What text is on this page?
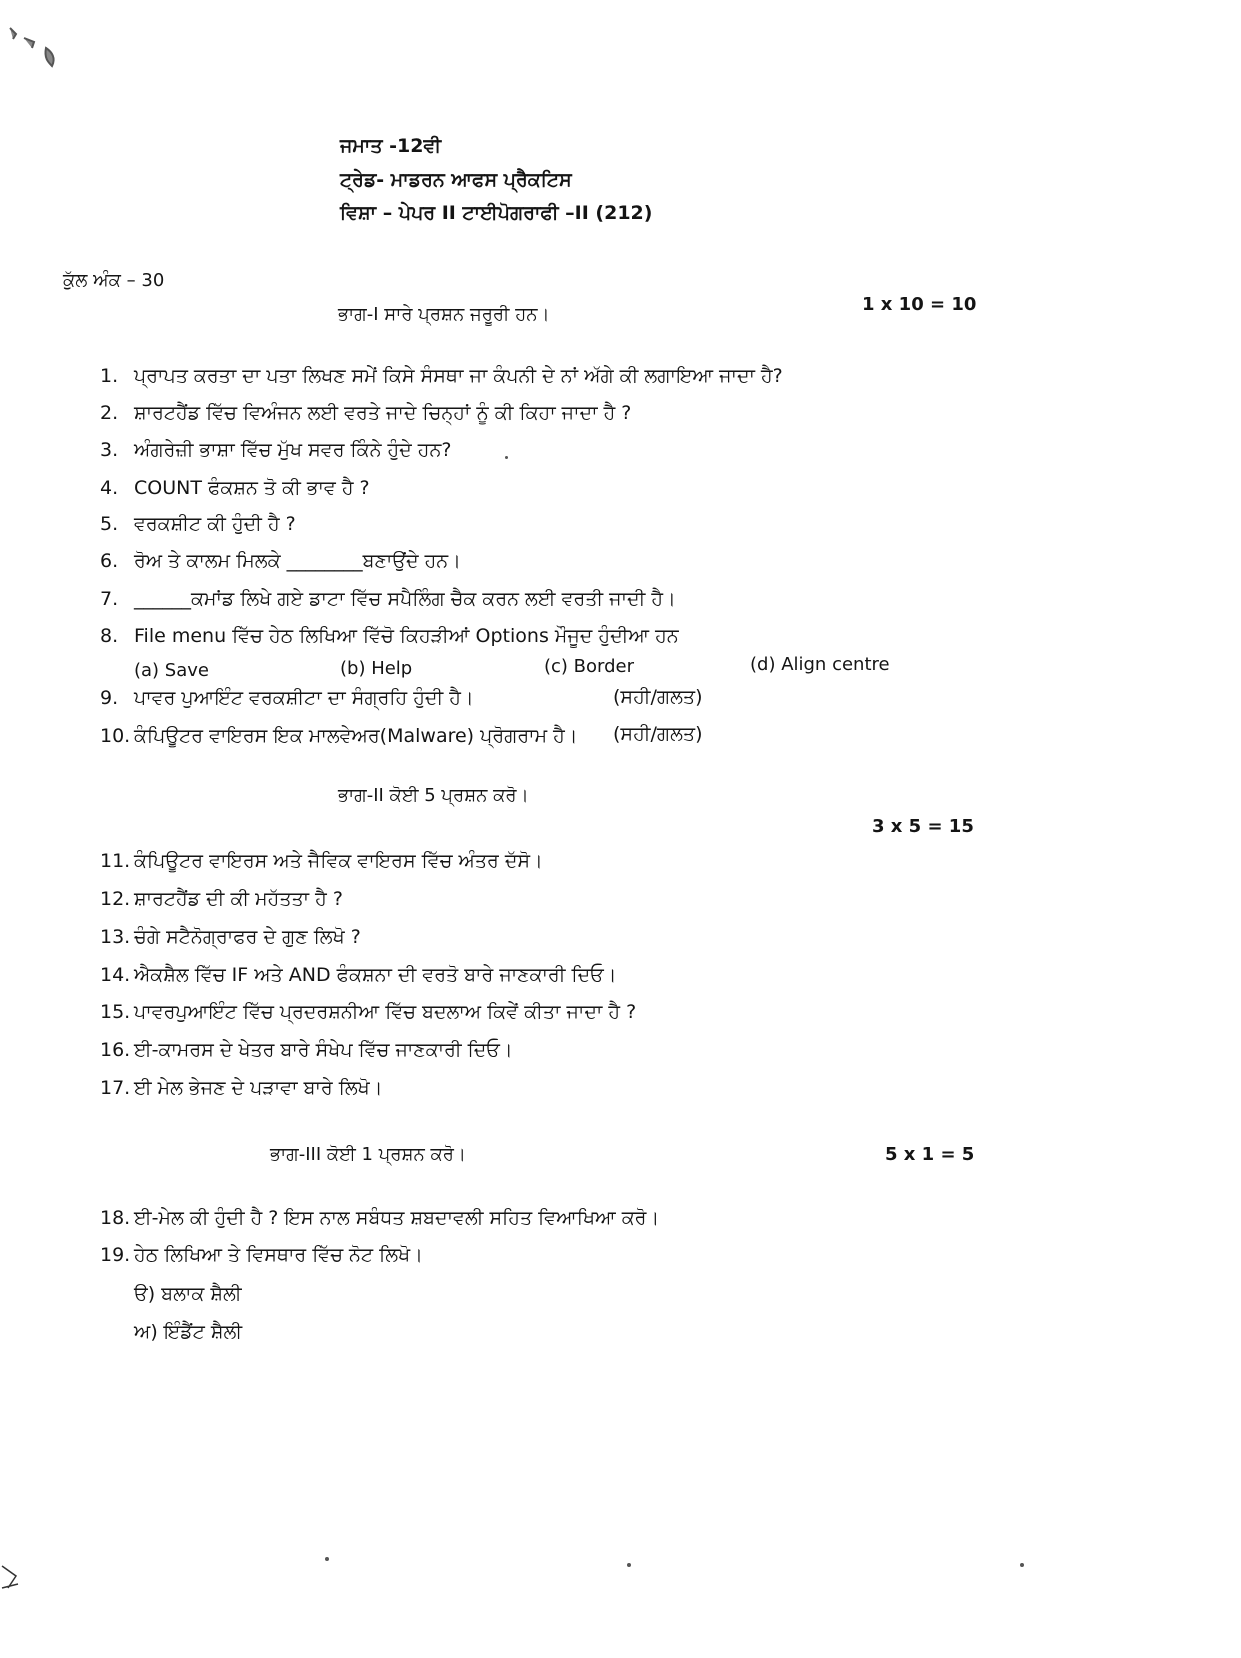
ਜਮਾਤ -12ਵੀ
ਟ੍ਰੇਡ- ਮਾਡਰਨ ਆਫਸ ਪ੍ਰੈਕਟਿਸ
ਵਿਸ਼ਾ – ਪੇਪਰ II ਟਾਈਪੋਗਰਾਫੀ –II (212)
ਕੁੱਲ ਅੰਕ – 30
ਭਾਗ-I ਸਾਰੇ ਪ੍ਰਸ਼ਨ ਜਰੂਰੀ ਹਨ।	1 x 10 = 10
1. ਪ੍ਰਾਪਤ ਕਰਤਾ ਦਾ ਪਤਾ ਲਿਖਣ ਸਮੇਂ ਕਿਸੇ ਸੰਸਥਾ ਜਾ ਕੰਪਨੀ ਦੇ ਨਾਂ ਅੱਗੇ ਕੀ ਲਗਾਇਆ ਜਾਦਾ ਹੈ?
2. ਸ਼ਾਰਟਹੈਂਡ ਵਿੱਚ ਵਿਅੰਜਨ ਲਈ ਵਰਤੇ ਜਾਦੇ ਚਿਨ੍ਹਾਂ ਨੂੰ ਕੀ ਕਿਹਾ ਜਾਦਾ ਹੈ ?
3. ਅੰਗਰੇਜ਼ੀ ਭਾਸ਼ਾ ਵਿੱਚ ਮੁੱਖ ਸਵਰ ਕਿੰਨੇ ਹੁੰਦੇ ਹਨ?
4. COUNT ਫੰਕਸ਼ਨ ਤੋ ਕੀ ਭਾਵ ਹੈ ?
5. ਵਰਕਸ਼ੀਟ ਕੀ ਹੁੰਦੀ ਹੈ ?
6. ਰੋਅ ਤੇ ਕਾਲਮ ਮਿਲਕੇ ________ਬਣਾਉਂਦੇ ਹਨ।
7. ______ਕਮਾਂਡ ਲਿਖੇ ਗਏ ਡਾਟਾ ਵਿੱਚ ਸਪੈਲਿੰਗ ਚੈਕ ਕਰਨ ਲਈ ਵਰਤੀ ਜਾਦੀ ਹੈ।
8. File menu ਵਿੱਚ ਹੇਠ ਲਿਖਿਆ ਵਿੱਚੋ ਕਿਹੜੀਆਂ Options ਮੌਜੂਦ ਹੁੰਦੀਆ ਹਨ
(a) Save	(b) Help	(c) Border	(d) Align centre
9. ਪਾਵਰ ਪੁਆਇੰਟ ਵਰਕਸ਼ੀਟਾ ਦਾ ਸੰਗ੍ਰਹਿ ਹੁੰਦੀ ਹੈ।	(ਸਹੀ/ਗਲਤ)
10. ਕੰਪਿਊਟਰ ਵਾਇਰਸ ਇਕ ਮਾਲਵੇਅਰ(Malware) ਪ੍ਰੋਗਰਾਮ ਹੈ। (ਸਹੀ/ਗਲਤ)
ਭਾਗ-II ਕੋਈ 5 ਪ੍ਰਸ਼ਨ ਕਰੋ।
3 x 5 = 15
11. ਕੰਪਿਊਟਰ ਵਾਇਰਸ ਅਤੇ ਜੈਵਿਕ ਵਾਇਰਸ ਵਿੱਚ ਅੰਤਰ ਦੱਸੋ।
12. ਸ਼ਾਰਟਹੈਂਡ ਦੀ ਕੀ ਮਹੱਤਤਾ ਹੈ ?
13. ਚੰਗੇ ਸਟੈਨੋਗ੍ਰਾਫਰ ਦੇ ਗੁਣ ਲਿਖੋ ?
14. ਐਕਸ਼ੈਲ ਵਿੱਚ IF ਅਤੇ AND ਫੰਕਸ਼ਨਾ ਦੀ ਵਰਤੋ ਬਾਰੇ ਜਾਣਕਾਰੀ ਦਿਓ।
15. ਪਾਵਰਪੁਆਇੰਟ ਵਿੱਚ ਪ੍ਰਦਰਸ਼ਨੀਆ ਵਿੱਚ ਬਦਲਾਅ ਕਿਵੇਂ ਕੀਤਾ ਜਾਦਾ ਹੈ ?
16. ਈ-ਕਾਮਰਸ ਦੇ ਖੇਤਰ ਬਾਰੇ ਸੰਖੇਪ ਵਿੱਚ ਜਾਣਕਾਰੀ ਦਿਓ।
17. ਈ ਮੇਲ ਭੇਜਣ ਦੇ ਪੜਾਵਾ ਬਾਰੇ ਲਿਖੋ।
ਭਾਗ-III ਕੋਈ 1 ਪ੍ਰਸ਼ਨ ਕਰੋ।	5 x 1 = 5
18. ਈ-ਮੇਲ ਕੀ ਹੁੰਦੀ ਹੈ ? ਇਸ ਨਾਲ ਸਬੰਧਤ ਸ਼ਬਦਾਵਲੀ ਸਹਿਤ ਵਿਆਖਿਆ ਕਰੋ।
19. ਹੇਠ ਲਿਖਿਆ ਤੇ ਵਿਸਥਾਰ ਵਿੱਚ ਨੋਟ ਲਿਖੋ।
ੳ) ਬਲਾਕ ਸ਼ੈਲੀ
ਅ) ਇੰਡੈਂਟ ਸ਼ੈਲੀ
